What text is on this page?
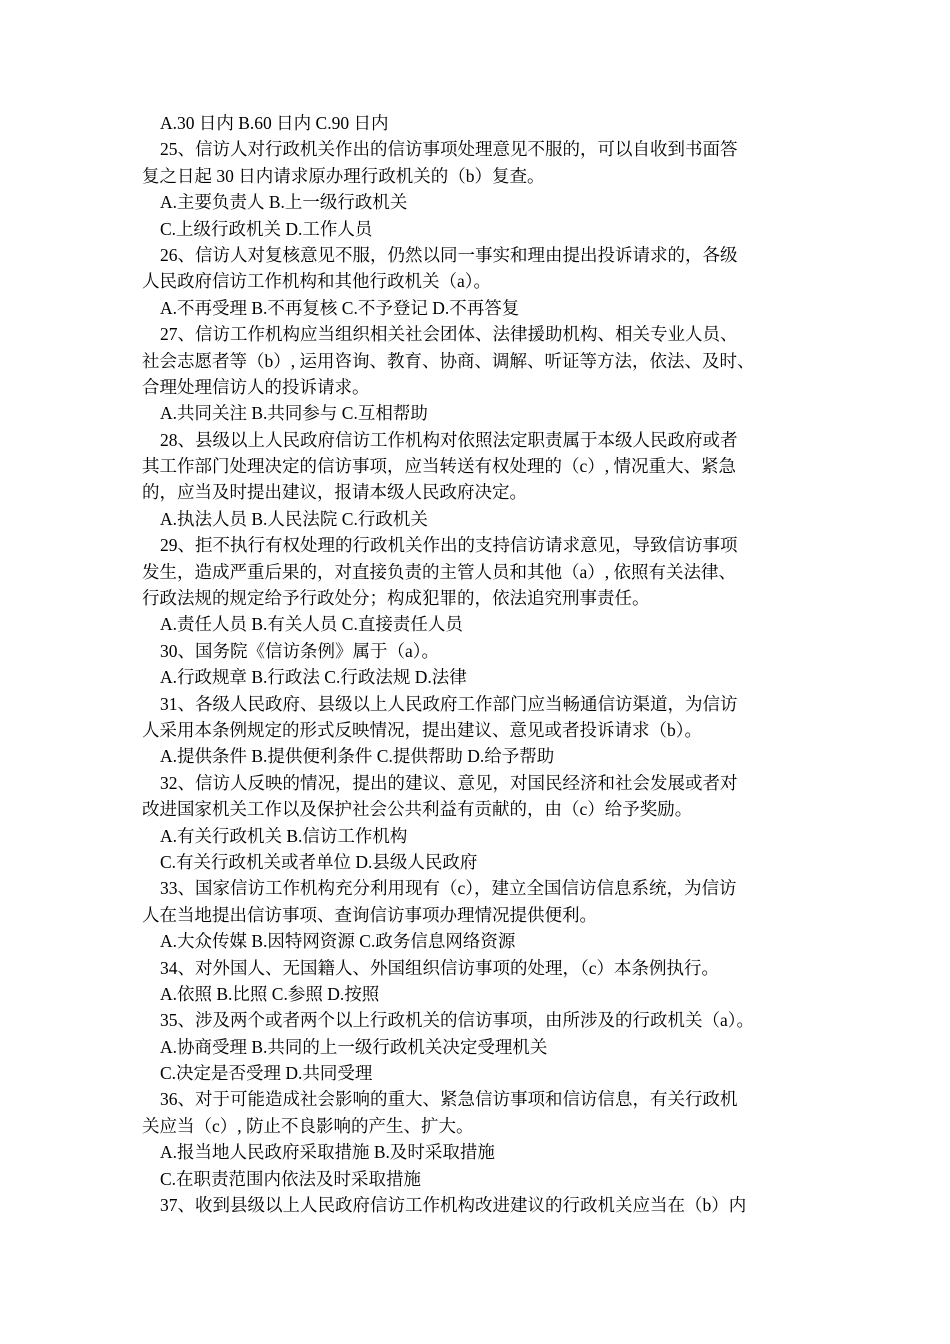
A.30 日内 B.60 日内 C.90 日内
25、信访人对行政机关作出的信访事项处理意见不服的，可以自收到书面答
复之日起 30 日内请求原办理行政机关的（b）复查。
A.主要负责人 B.上一级行政机关
C.上级行政机关 D.工作人员
26、信访人对复核意见不服，仍然以同一事实和理由提出投诉请求的，各级
人民政府信访工作机构和其他行政机关（a）。
A.不再受理 B.不再复核 C.不予登记 D.不再答复
27、信访工作机构应当组织相关社会团体、法律援助机构、相关专业人员、
社会志愿者等（b）, 运用咨询、教育、协商、调解、听证等方法，依法、及时、
合理处理信访人的投诉请求。
A.共同关注 B.共同参与 C.互相帮助
28、县级以上人民政府信访工作机构对依照法定职责属于本级人民政府或者
其工作部门处理决定的信访事项，应当转送有权处理的（c）, 情况重大、紧急
的，应当及时提出建议，报请本级人民政府决定。
A.执法人员 B.人民法院 C.行政机关
29、拒不执行有权处理的行政机关作出的支持信访请求意见，导致信访事项
发生，造成严重后果的，对直接负责的主管人员和其他（a）, 依照有关法律、
行政法规的规定给予行政处分；构成犯罪的，依法追究刑事责任。
A.责任人员 B.有关人员 C.直接责任人员
30、国务院《信访条例》属于（a）。
A.行政规章 B.行政法 C.行政法规 D.法律
31、各级人民政府、县级以上人民政府工作部门应当畅通信访渠道，为信访
人采用本条例规定的形式反映情况，提出建议、意见或者投诉请求（b）。
A.提供条件 B.提供便利条件 C.提供帮助 D.给予帮助
32、信访人反映的情况，提出的建议、意见，对国民经济和社会发展或者对
改进国家机关工作以及保护社会公共利益有贡献的，由（c）给予奖励。
A.有关行政机关 B.信访工作机构
C.有关行政机关或者单位 D.县级人民政府
33、国家信访工作机构充分利用现有（c），建立全国信访信息系统，为信访
人在当地提出信访事项、查询信访事项办理情况提供便利。
A.大众传媒 B.因特网资源 C.政务信息网络资源
34、对外国人、无国籍人、外国组织信访事项的处理，（c）本条例执行。
A.依照 B.比照 C.参照 D.按照
35、涉及两个或者两个以上行政机关的信访事项，由所涉及的行政机关（a）。
A.协商受理 B.共同的上一级行政机关决定受理机关
C.决定是否受理 D.共同受理
36、对于可能造成社会影响的重大、紧急信访事项和信访信息，有关行政机
关应当（c）, 防止不良影响的产生、扩大。
A.报当地人民政府采取措施 B.及时采取措施
C.在职责范围内依法及时采取措施
37、收到县级以上人民政府信访工作机构改进建议的行政机关应当在（b）内
